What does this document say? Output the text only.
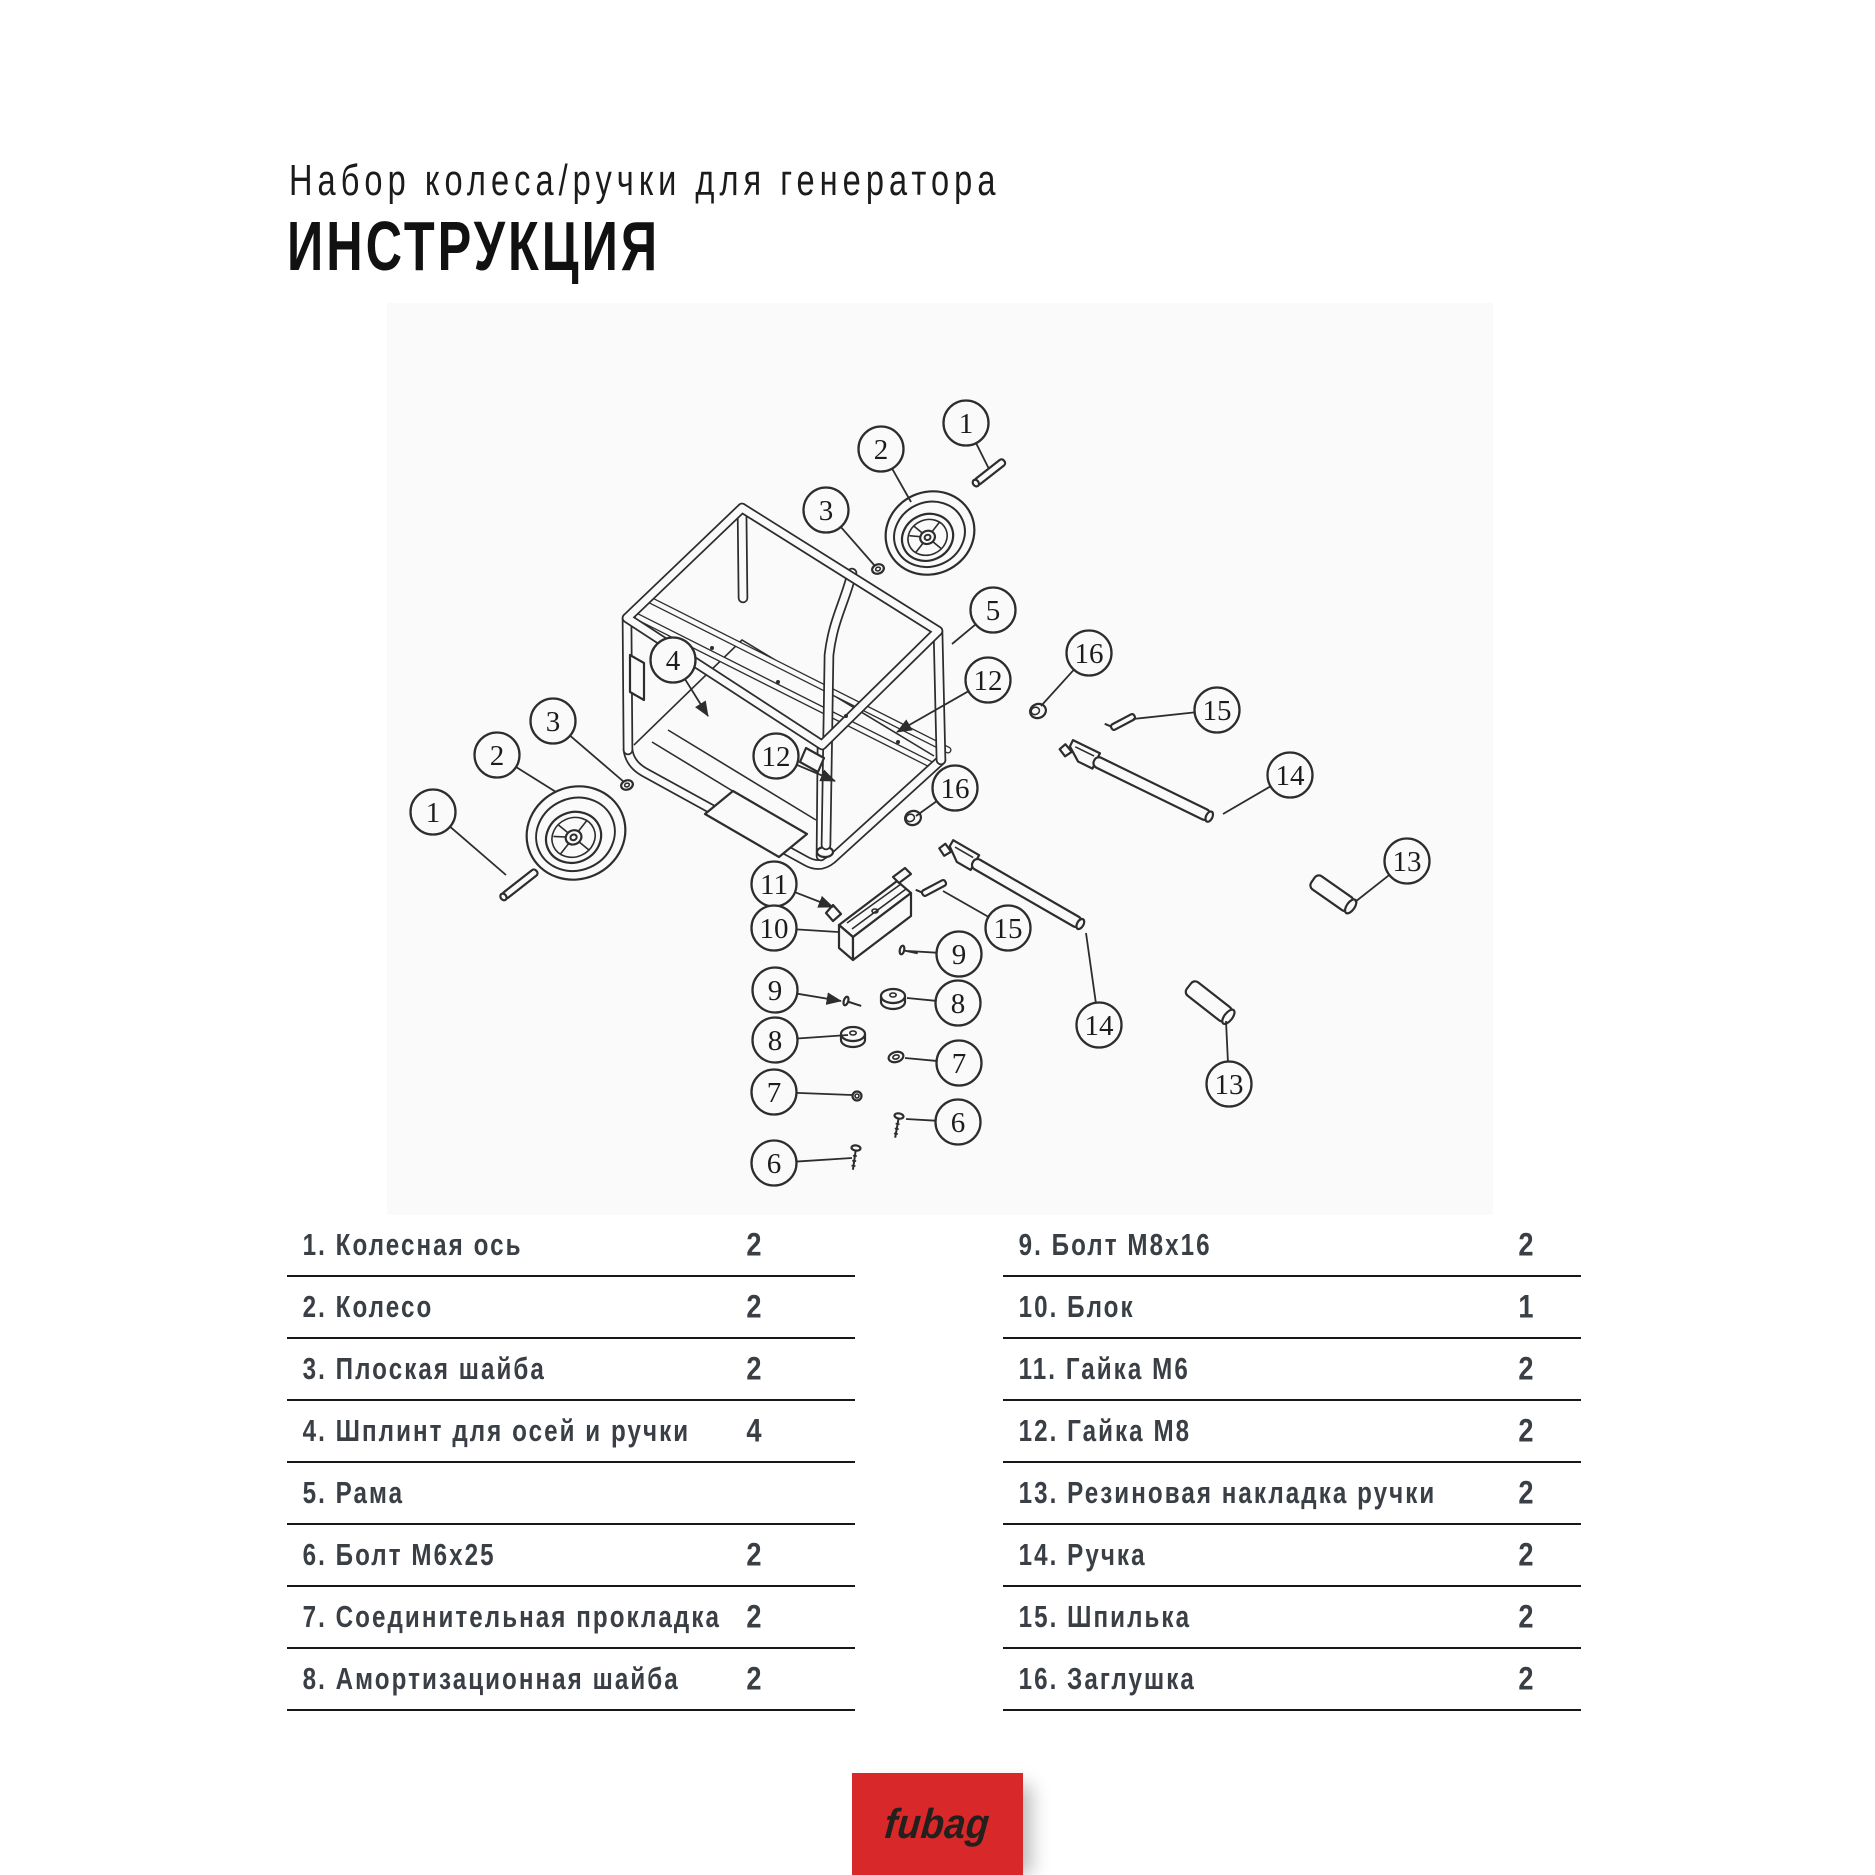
Набор колеса/ручки для генератора
ИНСТРУКЦИЯ
1
2
3
5
16
12
15
4
14
12
3
2
16
13
1
11
10	15
9
9	8
8
7
7
14
6
6
13
1. Колесная ось	2
2. Колесо	2
3. Плоская шайба	2
4. Шплинт для осей и ручки 4
5. Рама
6. Болт М6х25	2
7. Соединительная прокладка 2
8. Амортизационная шайба 2
9. Болт М8х16	2
10. Блок	1
11. Гайка М6	2
12. Гайка М8	2
13. Резиновая накладка ручки	2
14. Ручка	2
15. Шпилька	2
16. Заглушка	2
fubag
